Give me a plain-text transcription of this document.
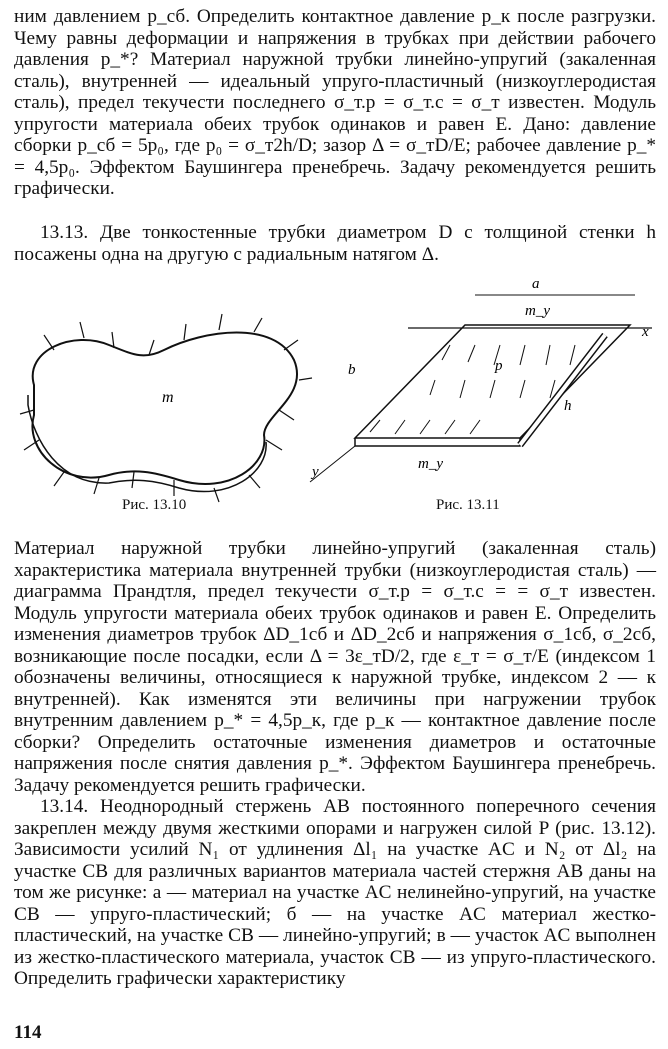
ним давлением p_сб. Определить контактное давление p_к после разгрузки. Чему равны деформации и напряжения в трубках при действии рабочего давления p_*? Материал наружной трубки линейно-упругий (закаленная сталь), внутренней — идеальный упруго-пластичный (низкоуглеродистая сталь), предел текучести последнего σ_т.р = σ_т.с = σ_т известен. Модуль упругости материала обеих трубок одинаков и равен E. Дано: давление сборки p_сб = 5p₀, где p₀ = σ_т2h/D; зазор Δ = σ_тD/E; рабочее давление p_* = 4,5p₀. Эффектом Баушингера пренебречь. Задачу рекомендуется решить графически.

13.13. Две тонкостенные трубки диаметром D с толщиной стенки h посажены одна на другую с радиальным натягом Δ.

m
Рис. 13.10
a
m_y
b	p
h
m_y
x
y
Рис. 13.11

Материал наружной трубки линейно-упругий (закаленная сталь) характеристика материала внутренней трубки (низкоуглеродистая сталь) — диаграмма Прандтля, предел текучести σ_т.р = σ_т.с = = σ_т известен. Модуль упругости материала обеих трубок одинаков и равен E. Определить изменения диаметров трубок ΔD_1сб и ΔD_2сб и напряжения σ_1сб, σ_2сб, возникающие после посадки, если Δ = 3ε_тD/2, где ε_т = σ_т/E (индексом 1 обозначены величины, относящиеся к наружной трубке, индексом 2 — к внутренней). Как изменятся эти величины при нагружении трубок внутренним давлением p_* = 4,5p_к, где p_к — контактное давление после сборки? Определить остаточные изменения диаметров и остаточные напряжения после снятия давления p_*. Эффектом Баушингера пренебречь. Задачу рекомендуется решить графически.

13.14. Неоднородный стержень AB постоянного поперечного сечения закреплен между двумя жесткими опорами и нагружен силой P (рис. 13.12). Зависимости усилий N₁ от удлинения Δl₁ на участке AC и N₂ от Δl₂ на участке CB для различных вариантов материала частей стержня AB даны на том же рисунке: а — материал на участке AC нелинейно-упругий, на участке CB — упруго-пластический; б — на участке AC материал жестко-пластический, на участке CB — линейно-упругий; в — участок AC выполнен из жестко-пластического материала, участок CB — из упруго-пластического. Определить графически характеристику

114
